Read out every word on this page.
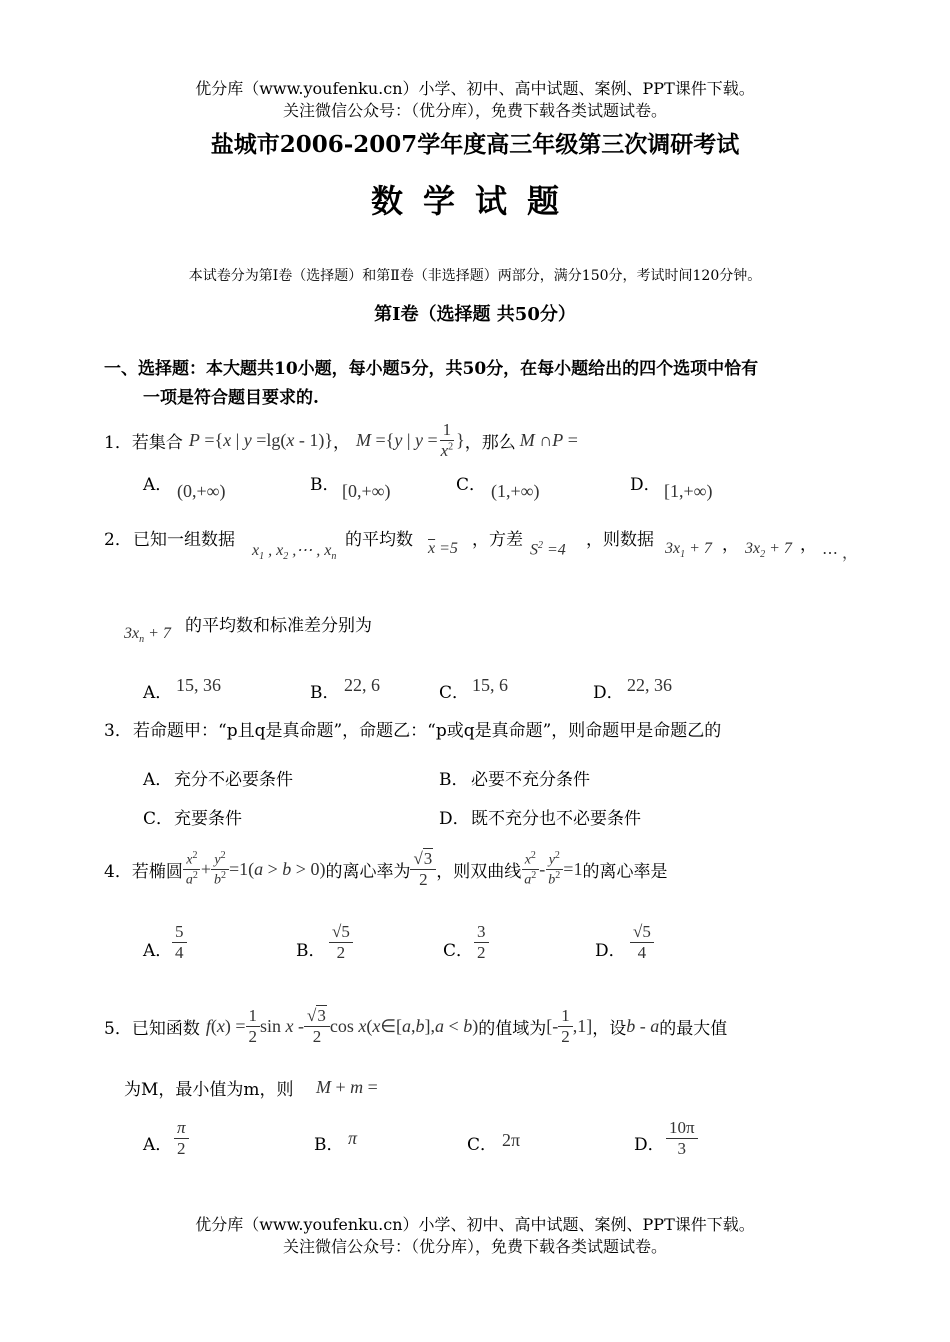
优分库（www.youfenku.cn）小学、初中、高中试题、案例、PPT课件下载。
关注微信公众号：（优分库），免费下载各类试题试卷。
盐城市2006-2007学年度高三年级第三次调研考试
数学试题
本试卷分为第Ⅰ卷（选择题）和第Ⅱ卷（非选择题）两部分，满分150分，考试时间120分钟。
第Ⅰ卷（选择题 共50分）
一、选择题：本大题共10小题，每小题5分，共50分，在每小题给出的四个选项中恰有
一项是符合题目要求的.
1． 若集合 P ={x | y =lg(x - 1)} ， M ={y | $y = \frac{1}{x^2}$ } ，那么 M ∩P =
A． (0,+∞)	B． [0,+∞)	C． (1,+∞)	D． [1,+∞)
2． 已知一组数据
$x_1$ , $x_2$ ,⋯ , $x_n$
的平均数 $\overline{x} =5$ ，方差 $S^2 =4$ ，则数据 $3x_1 + 7$ ， $3x_2 + 7$ ， ⋯ ，
$3x_n + 7$ 的平均数和标准差分别为
A． 15, 36	B． 22, 6	C． 15, 6	D． 22, 36
3． 若命题甲：“p且q是真命题”，命题乙：“p或q是真命题”，则命题甲是命题乙的
A． 充分不必要条件	B． 必要不充分条件
C． 充要条件	D． 既不充分也不必要条件
4． 若椭圆 $\frac{x^2}{a^2} + \frac{y^2}{b^2} =1(a > b > 0)$ 的离心率为 $\frac{√3}{2}$ ，则双曲线 $\frac{x^2}{a^2} - \frac{y^2}{b^2} =1$ 的离心率是
A． $\frac{5}{4}$	B． $\frac{√5}{2}$	C． $\frac{3}{2}$	D． $\frac{√5}{4}$
5． 已知函数 $f(x) = \frac{1}{2}$ sin x - $\frac{√3}{2}$ cos x(x∈[a,b],a < b) 的值域为 [- $\frac{1}{2} ,1$] ，设 b - a 的最大值
为M，最小值为m，则 M + m =
A． $\frac{\pi}{2}$	B． π	C． 2π	D． $\frac{10\pi}{3}$
优分库（www.youfenku.cn）小学、初中、高中试题、案例、PPT课件下载。
关注微信公众号：（优分库），免费下载各类试题试卷。
